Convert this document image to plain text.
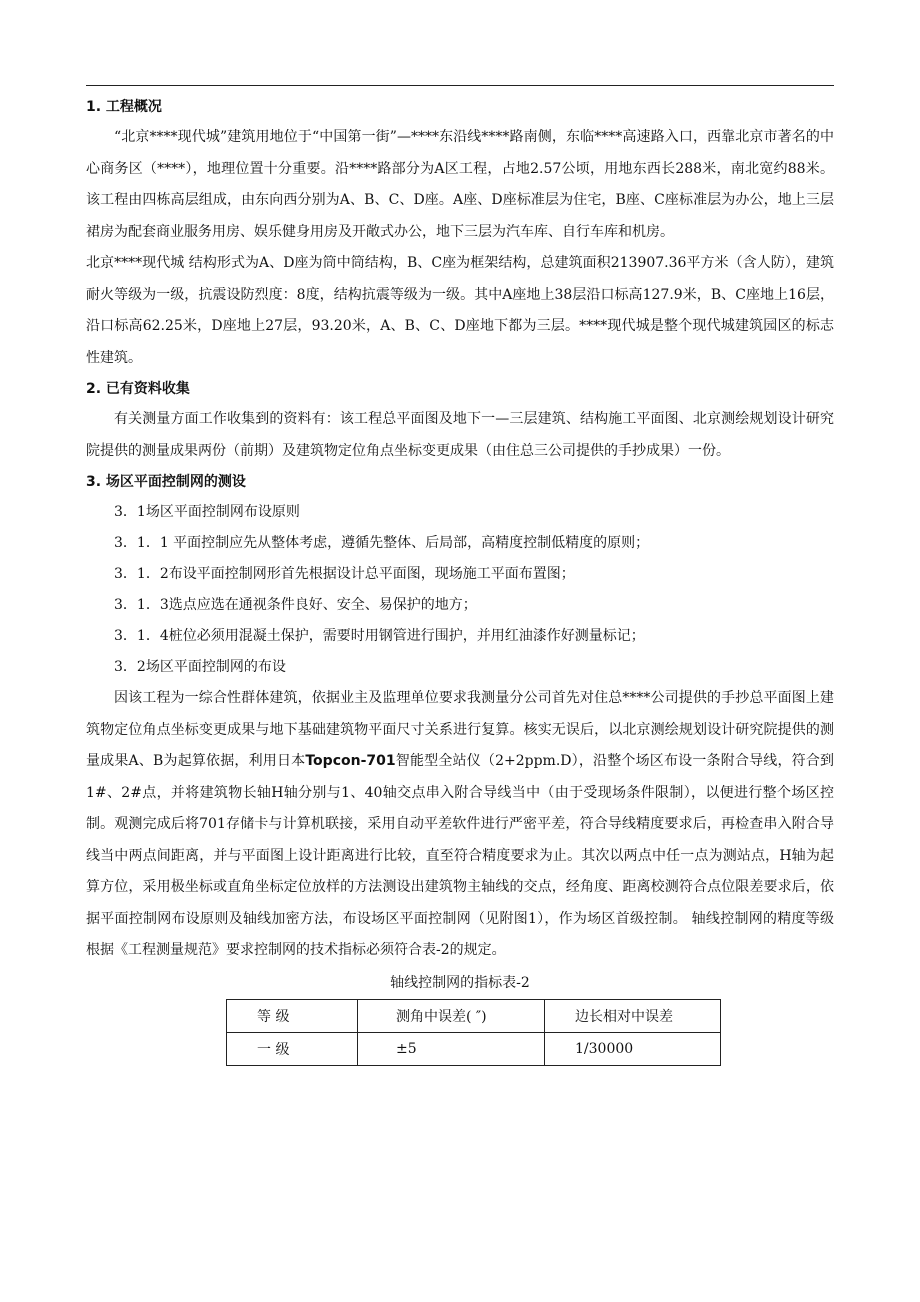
1. 工程概况

“北京****现代城”建筑用地位于“中国第一街”—****东沿线****路南侧，东临****高速路入口，西靠北京市著名的中心商务区（****），地理位置十分重要。沿****路部分为A区工程，占地2.57公顷，用地东西长288米，南北宽约88米。该工程由四栋高层组成，由东向西分别为A、B、C、D座。A座、D座标准层为住宅，B座、C座标准层为办公，地上三层裙房为配套商业服务用房、娱乐健身用房及开敞式办公，地下三层为汽车库、自行车库和机房。

北京****现代城 结构形式为A、D座为筒中筒结构，B、C座为框架结构，总建筑面积213907.36平方米（含人防），建筑耐火等级为一级，抗震设防烈度：8度，结构抗震等级为一级。其中A座地上38层沿口标高127.9米，B、C座地上16层，沿口标高62.25米，D座地上27层，93.20米，A、B、C、D座地下都为三层。****现代城是整个现代城建筑园区的标志性建筑。

2. 已有资料收集

有关测量方面工作收集到的资料有：该工程总平面图及地下一—三层建筑、结构施工平面图、北京测绘规划设计研究院提供的测量成果两份（前期）及建筑物定位角点坐标变更成果（由住总三公司提供的手抄成果）一份。

3. 场区平面控制网的测设

3．1场区平面控制网布设原则

3．1．1 平面控制应先从整体考虑，遵循先整体、后局部，高精度控制低精度的原则；

3．1．2布设平面控制网形首先根据设计总平面图，现场施工平面布置图；

3．1．3选点应选在通视条件良好、安全、易保护的地方；

3．1．4桩位必须用混凝土保护，需要时用钢管进行围护，并用红油漆作好测量标记；

3．2场区平面控制网的布设

因该工程为一综合性群体建筑，依据业主及监理单位要求我测量分公司首先对住总****公司提供的手抄总平面图上建筑物定位角点坐标变更成果与地下基础建筑物平面尺寸关系进行复算。核实无误后，以北京测绘规划设计研究院提供的测量成果A、B为起算依据，利用日本Topcon-701智能型全站仪（2+2ppm.D），沿整个场区布设一条附合导线，符合到1#、2#点，并将建筑物长轴H轴分别与1、40轴交点串入附合导线当中（由于受现场条件限制），以便进行整个场区控制。观测完成后将701存储卡与计算机联接，采用自动平差软件进行严密平差，符合导线精度要求后，再检查串入附合导线当中两点间距离，并与平面图上设计距离进行比较，直至符合精度要求为止。其次以两点中任一点为测站点，H轴为起算方位，采用极坐标或直角坐标定位放样的方法测设出建筑物主轴线的交点，经角度、距离校测符合点位限差要求后，依据平面控制网布设原则及轴线加密方法，布设场区平面控制网（见附图1），作为场区首级控制。 轴线控制网的精度等级根据《工程测量规范》要求控制网的技术指标必须符合表-2的规定。

轴线控制网的指标表-2

等 级	测角中误差( ″)	边长相对中误差
一 级	±5	1/30000
